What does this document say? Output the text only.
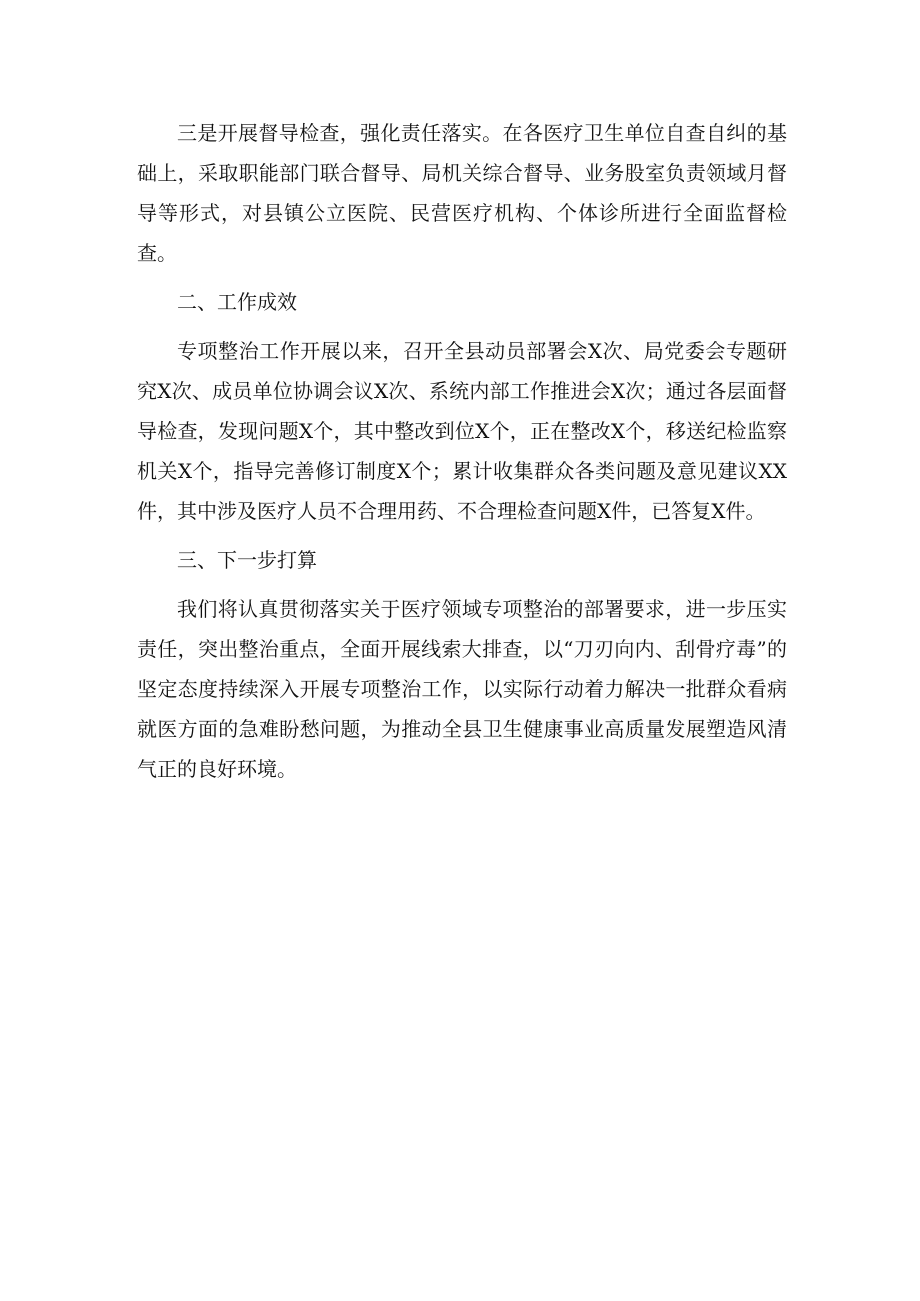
三是开展督导检查，强化责任落实。在各医疗卫生单位自查自纠的基础上，采取职能部门联合督导、局机关综合督导、业务股室负责领域月督导等形式，对县镇公立医院、民营医疗机构、个体诊所进行全面监督检查。

二、工作成效

专项整治工作开展以来，召开全县动员部署会X次、局党委会专题研究X次、成员单位协调会议X次、系统内部工作推进会X次；通过各层面督导检查，发现问题X个，其中整改到位X个，正在整改X个，移送纪检监察机关X个，指导完善修订制度X个；累计收集群众各类问题及意见建议XX件，其中涉及医疗人员不合理用药、不合理检查问题X件，已答复X件。

三、下一步打算

我们将认真贯彻落实关于医疗领域专项整治的部署要求，进一步压实责任，突出整治重点，全面开展线索大排查，以“刀刃向内、刮骨疗毒”的坚定态度持续深入开展专项整治工作，以实际行动着力解决一批群众看病就医方面的急难盼愁问题，为推动全县卫生健康事业高质量发展塑造风清气正的良好环境。
